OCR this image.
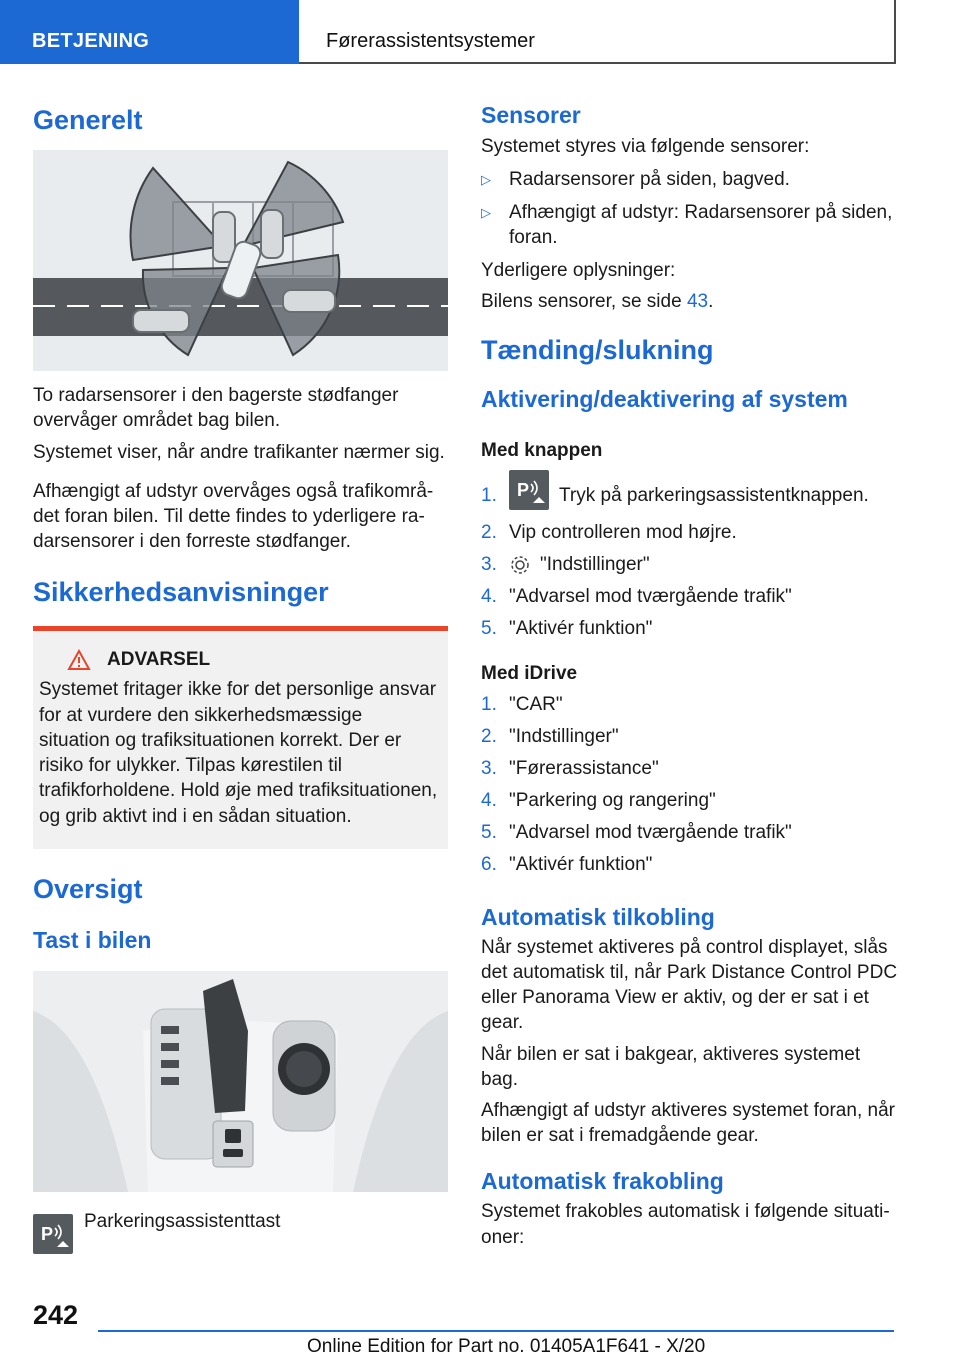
BETJENING	Førerassistentsystemer
Generelt

To radarsensorer i den bagerste stødfanger overvåger området bag bilen.

Systemet viser, når andre trafikanter nærmer sig.

Afhængigt af udstyr overvåges også trafikområ-det foran bilen. Til dette findes to yderligere ra-darsensorer i den forreste stødfanger.

Sikkerhedsanvisninger
ADVARSEL

Systemet fritager ikke for det personlige ansvar for at vurdere den sikkerhedsmæssige situation og trafiksituationen korrekt. Der er risiko for ulykker. Tilpas kørestilen til trafikforholdene. Hold øje med trafiksituationen, og grib aktivt ind i en sådan situation.

Oversigt
Tast i bilen
P
Parkeringsassistenttast
Sensorer

Systemet styres via følgende sensorer:

▷ Radarsensorer på siden, bagved.
▷ Afhængigt af udstyr: Radarsensorer på siden, foran.

Yderligere oplysninger:

Bilens sensorer, se side 43.

Tænding/slukning
Aktivering/deaktivering af system
Med knappen
1. P Tryk på parkeringsassistentknappen.
2. Vip controlleren mod højre.
3. "Indstillinger"
4. "Advarsel mod tværgående trafik"
5. "Aktivér funktion"
Med iDrive
1. "CAR"
2. "Indstillinger"
3. "Førerassistance"
4. "Parkering og rangering"
5. "Advarsel mod tværgående trafik"
6. "Aktivér funktion"
Automatisk tilkobling

Når systemet aktiveres på control displayet, slås det automatisk til, når Park Distance Control PDC eller Panorama View er aktiv, og der er sat i et gear.

Når bilen er sat i bakgear, aktiveres systemet bag.

Afhængigt af udstyr aktiveres systemet foran, når bilen er sat i fremadgående gear.

Automatisk frakobling

Systemet frakobles automatisk i følgende situati-oner:

242
Online Edition for Part no. 01405A1F641 - X/20
